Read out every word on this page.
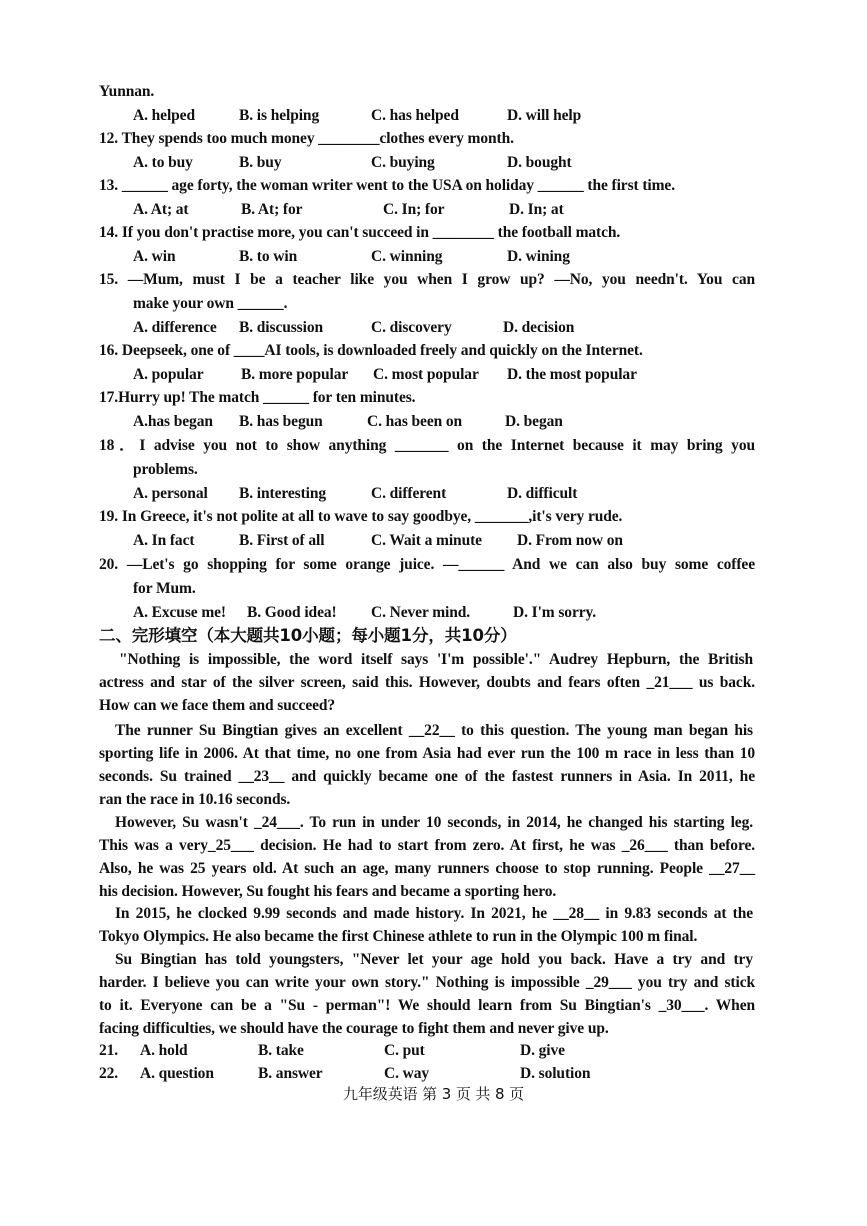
Yunnan.
A. helped	B. is helping	C. has helped	D. will help
12. They spends too much money ________clothes every month.
A. to buy	B. buy	C. buying	D. bought
13. ______ age forty, the woman writer went to the USA on holiday ______ the first time.
A. At; at	B. At; for	C. In; for	D. In; at
14. If you don't practise more, you can't succeed in ________ the football match.
A. win	B. to win	C. winning	D. wining
15. —Mum, must I be a teacher like you when I grow up? —No, you needn't. You can
make your own ______.
A. difference B. discussion	C. discovery	D. decision
16. Deepseek, one of ____AI tools, is downloaded freely and quickly on the Internet.
A. popular B. more popular C. most popular D. the most popular
17.Hurry up! The match ______ for ten minutes.
A.has began B. has begun	C. has been on	D. began
18．I advise you not to show anything _______ on the Internet because it may bring you
problems.
A. personal B. interesting	C. different	D. difficult
19. In Greece, it's not polite at all to wave to say goodbye, _______,it's very rude.
A. In fact	B. First of all	C. Wait a minute D. From now on
20. —Let's go shopping for some orange juice. —______ And we can also buy some coffee
for Mum.
A. Excuse me! B. Good idea! C. Never mind.	D. I'm sorry.
二、完形填空（本大题共10小题；每小题1分，共10分）
"Nothing is impossible, the word itself says 'I'm possible'." Audrey Hepburn, the British
actress and star of the silver screen, said this. However, doubts and fears often _21___ us back.
How can we face them and succeed?
The runner Su Bingtian gives an excellent __22__ to this question. The young man began his
sporting life in 2006. At that time, no one from Asia had ever run the 100 m race in less than 10
seconds. Su trained __23__ and quickly became one of the fastest runners in Asia. In 2011, he
ran the race in 10.16 seconds.
However, Su wasn't _24___. To run in under 10 seconds, in 2014, he changed his starting leg.
This was a very_25___ decision. He had to start from zero. At first, he was _26___ than before.
Also, he was 25 years old. At such an age, many runners choose to stop running. People __27__
his decision. However, Su fought his fears and became a sporting hero.
In 2015, he clocked 9.99 seconds and made history. In 2021, he __28__ in 9.83 seconds at the
Tokyo Olympics. He also became the first Chinese athlete to run in the Olympic 100 m final.
Su Bingtian has told youngsters, "Never let your age hold you back. Have a try and try
harder. I believe you can write your own story." Nothing is impossible _29___ you try and stick
to it. Everyone can be a "Su - perman"! We should learn from Su Bingtian's _30___. When
facing difficulties, we should have the courage to fight them and never give up.
21. A. hold	B. take	C. put	D. give
22. A. question	B. answer	C. way	D. solution
九年级英语 第 3 页 共 8 页
